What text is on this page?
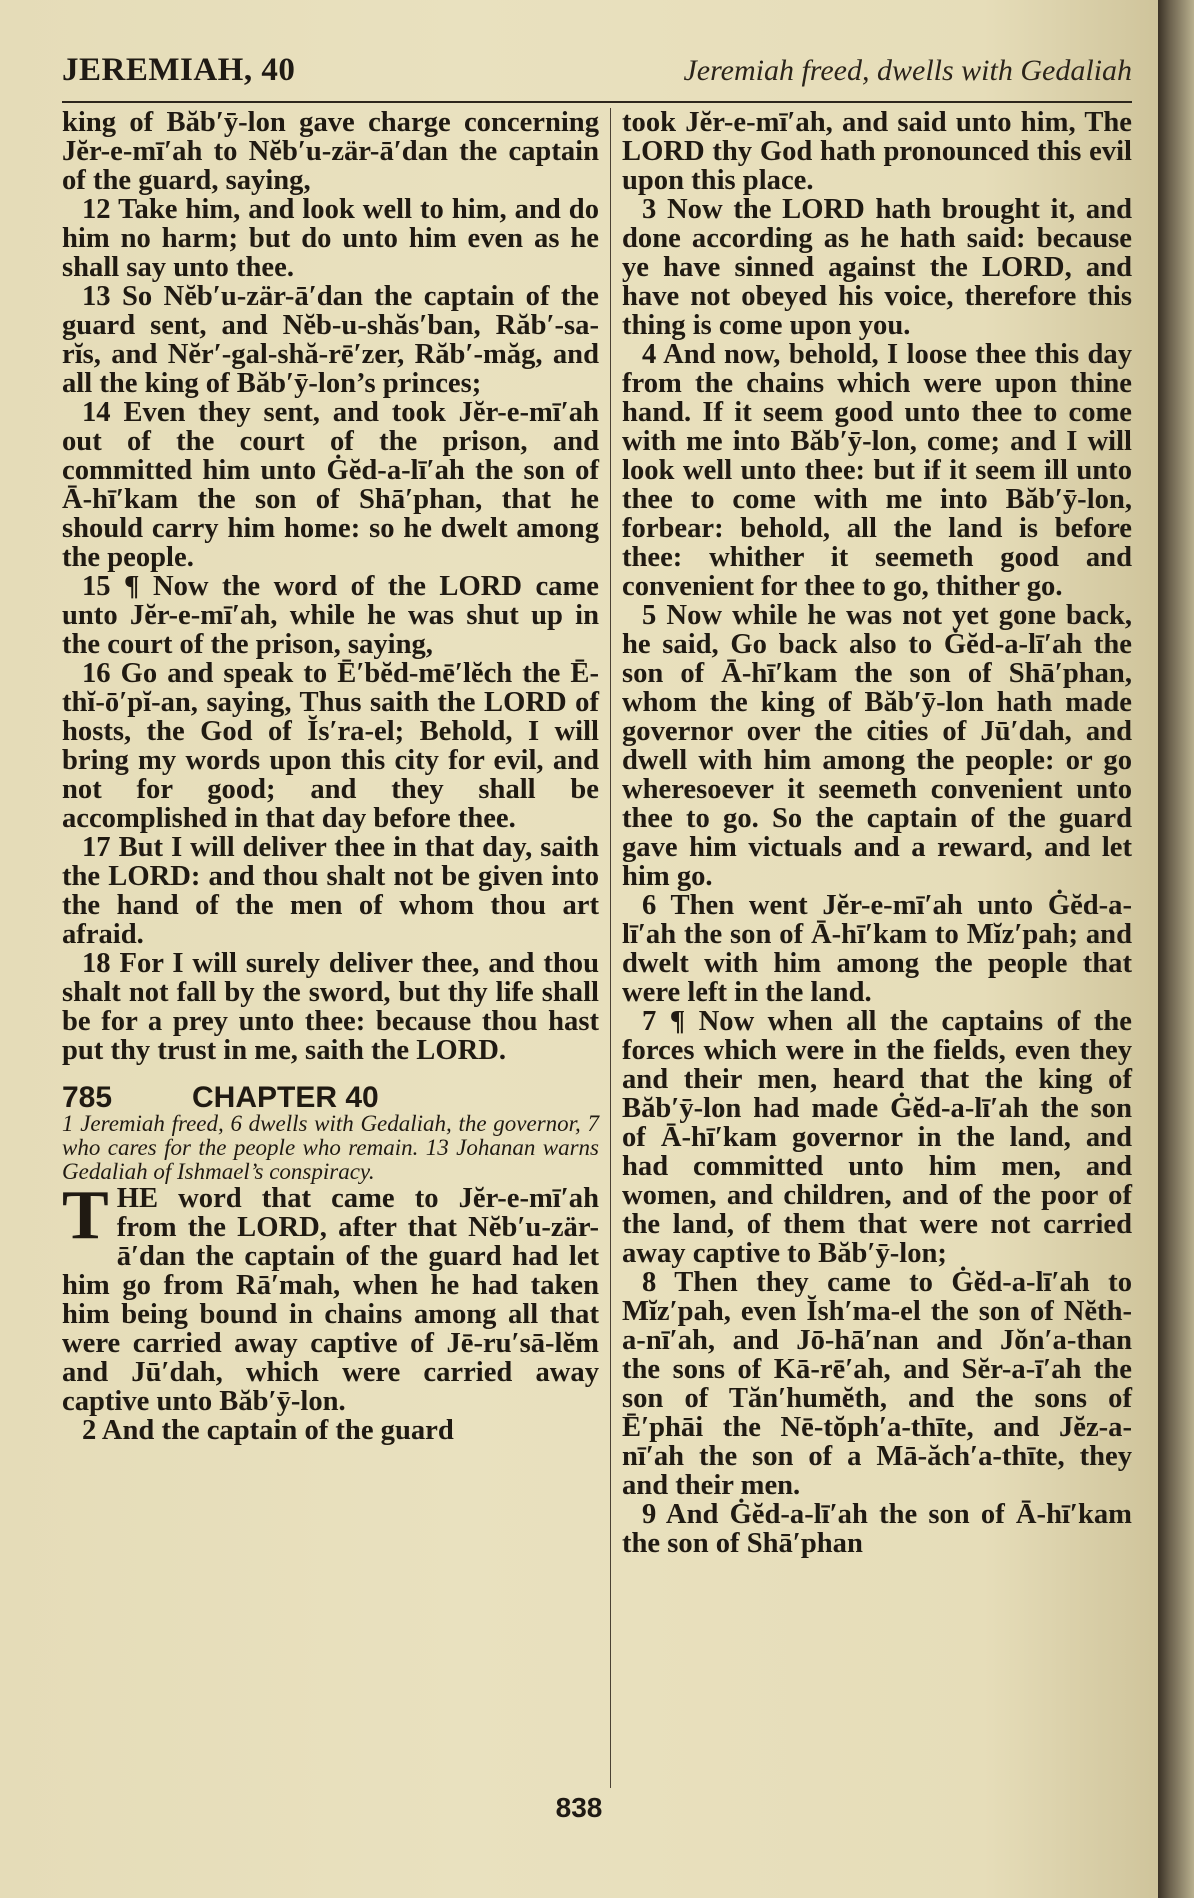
JEREMIAH, 40	Jeremiah freed, dwells with Gedaliah

king of Băb′ȳ-lon gave charge concerning Jĕr-e-mī′ah to Nĕb′u-zär-ā′dan the captain of the guard, saying,

12 Take him, and look well to him, and do him no harm; but do unto him even as he shall say unto thee.

13 So Nĕb′u-zär-ā′dan the captain of the guard sent, and Nĕb-u-shăs′ban, Răb′-sa-rĭs, and Nĕr′-gal-shă-rē′zer, Răb′-măg, and all the king of Băb′ȳ-lon’s princes;

14 Even they sent, and took Jĕr-e-mī′ah out of the court of the prison, and committed him unto Ġĕd-a-lī′ah the son of Ā-hī′kam the son of Shā′phan, that he should carry him home: so he dwelt among the people.

15 ¶ Now the word of the LORD came unto Jĕr-e-mī′ah, while he was shut up in the court of the prison, saying,

16 Go and speak to Ē′bĕd-mē′lĕch the Ē-thĭ-ō′pĭ-an, saying, Thus saith the LORD of hosts, the God of Ĭs′ra-el; Behold, I will bring my words upon this city for evil, and not for good; and they shall be accomplished in that day before thee.

17 But I will deliver thee in that day, saith the LORD: and thou shalt not be given into the hand of the men of whom thou art afraid.

18 For I will surely deliver thee, and thou shalt not fall by the sword, but thy life shall be for a prey unto thee: because thou hast put thy trust in me, saith the LORD.

785	CHAPTER 40

1 Jeremiah freed, 6 dwells with Gedaliah, the governor, 7 who cares for the people who remain. 13 Johanan warns Gedaliah of Ishmael’s conspiracy.

THE word that came to Jĕr-e-mī′ah from the LORD, after that Nĕb′u-zär-ā′dan the captain of the guard had let him go from Rā′mah, when he had taken him being bound in chains among all that were carried away captive of Jē-ru′sā-lĕm and Jū′dah, which were carried away captive unto Băb′ȳ-lon.

2 And the captain of the guard

took Jĕr-e-mī′ah, and said unto him, The LORD thy God hath pronounced this evil upon this place.

3 Now the LORD hath brought it, and done according as he hath said: because ye have sinned against the LORD, and have not obeyed his voice, therefore this thing is come upon you.

4 And now, behold, I loose thee this day from the chains which were upon thine hand. If it seem good unto thee to come with me into Băb′ȳ-lon, come; and I will look well unto thee: but if it seem ill unto thee to come with me into Băb′ȳ-lon, forbear: behold, all the land is before thee: whither it seemeth good and convenient for thee to go, thither go.

5 Now while he was not yet gone back, he said, Go back also to Ġĕd-a-lī′ah the son of Ā-hī′kam the son of Shā′phan, whom the king of Băb′ȳ-lon hath made governor over the cities of Jū′dah, and dwell with him among the people: or go wheresoever it seemeth convenient unto thee to go. So the captain of the guard gave him victuals and a reward, and let him go.

6 Then went Jĕr-e-mī′ah unto Ġĕd-a-lī′ah the son of Ā-hī′kam to Mĭz′pah; and dwelt with him among the people that were left in the land.

7 ¶ Now when all the captains of the forces which were in the fields, even they and their men, heard that the king of Băb′ȳ-lon had made Ġĕd-a-lī′ah the son of Ā-hī′kam governor in the land, and had committed unto him men, and women, and children, and of the poor of the land, of them that were not carried away captive to Băb′ȳ-lon;

8 Then they came to Ġĕd-a-lī′ah to Mĭz′pah, even Ĭsh′ma-el the son of Nĕth-a-nī′ah, and Jō-hā′nan and Jŏn′a-than the sons of Kā-rē′ah, and Sĕr-a-ī′ah the son of Tăn′humĕth, and the sons of Ē′phāi the Nē-tŏph′a-thīte, and Jĕz-a-nī′ah the son of a Mā-ăch′a-thīte, they and their men.

9 And Ġĕd-a-lī′ah the son of Ā-hī′kam the son of Shā′phan

838
